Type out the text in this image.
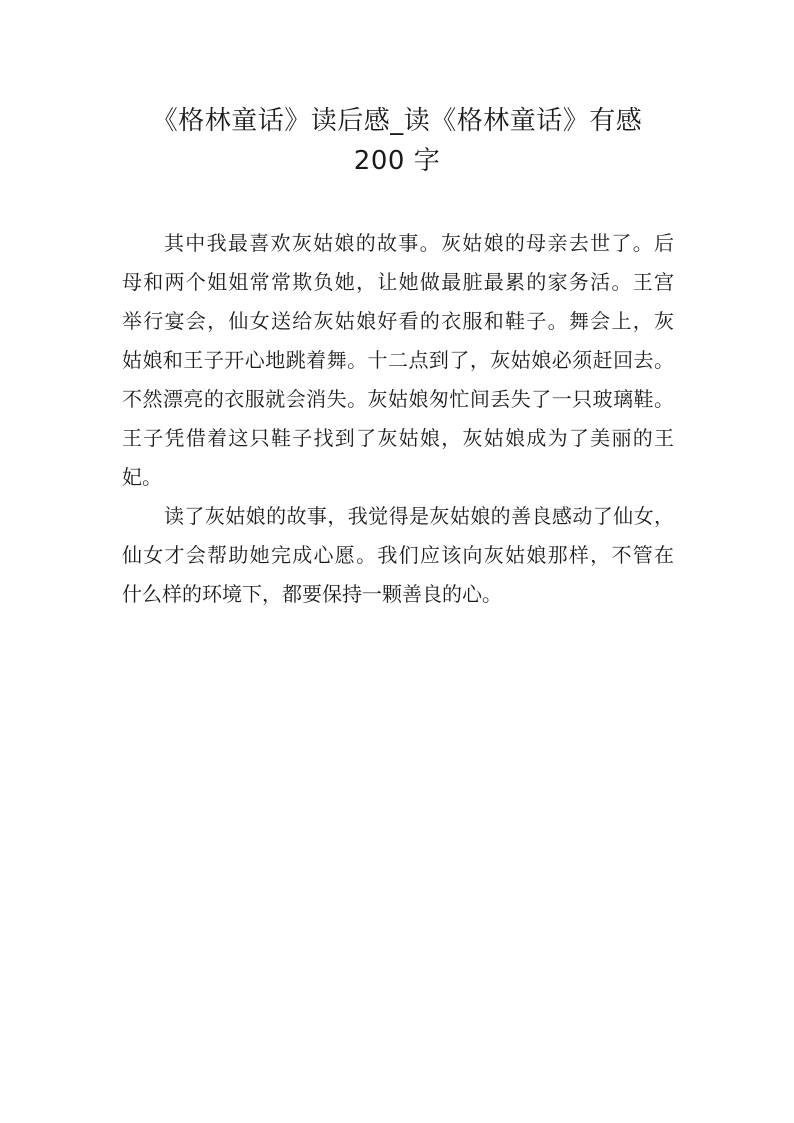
《格林童话》读后感_读《格林童话》有感
200 字
其中我最喜欢灰姑娘的故事。灰姑娘的母亲去世了。后
母和两个姐姐常常欺负她，让她做最脏最累的家务活。王宫
举行宴会，仙女送给灰姑娘好看的衣服和鞋子。舞会上，灰
姑娘和王子开心地跳着舞。十二点到了，灰姑娘必须赶回去。
不然漂亮的衣服就会消失。灰姑娘匆忙间丢失了一只玻璃鞋。
王子凭借着这只鞋子找到了灰姑娘，灰姑娘成为了美丽的王
妃。
读了灰姑娘的故事，我觉得是灰姑娘的善良感动了仙女，
仙女才会帮助她完成心愿。我们应该向灰姑娘那样，不管在
什么样的环境下，都要保持一颗善良的心。
